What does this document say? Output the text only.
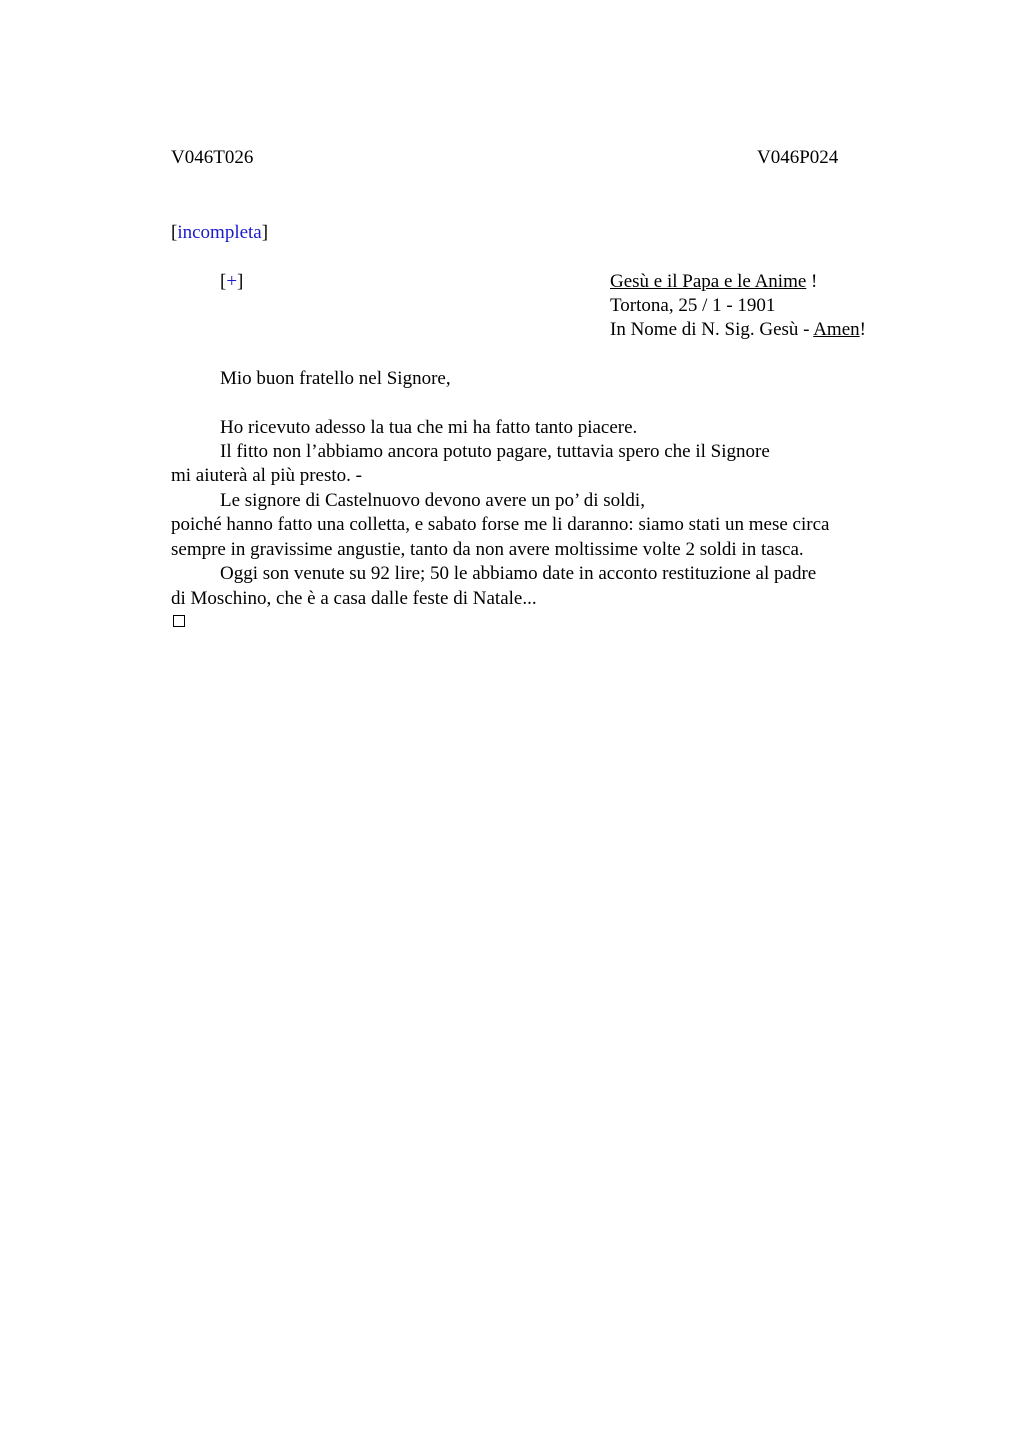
V046T026	V046P024
[incompleta]
[+]	Gesù e il Papa e le Anime !
Tortona, 25 / 1 - 1901
In Nome di N. Sig. Gesù - Amen!
Mio buon fratello nel Signore,
Ho ricevuto adesso la tua che mi ha fatto tanto piacere.
Il fitto non l’abbiamo ancora potuto pagare, tuttavia spero che il Signore
mi aiuterà al più presto. -
Le signore di Castelnuovo devono avere un po’ di soldi,
poiché hanno fatto una colletta, e sabato forse me li daranno: siamo stati un mese circa
sempre in gravissime angustie, tanto da non avere moltissime volte 2 soldi in tasca.
Oggi son venute su 92 lire; 50 le abbiamo date in acconto restituzione al padre
di Moschino, che è a casa dalle feste di Natale...
